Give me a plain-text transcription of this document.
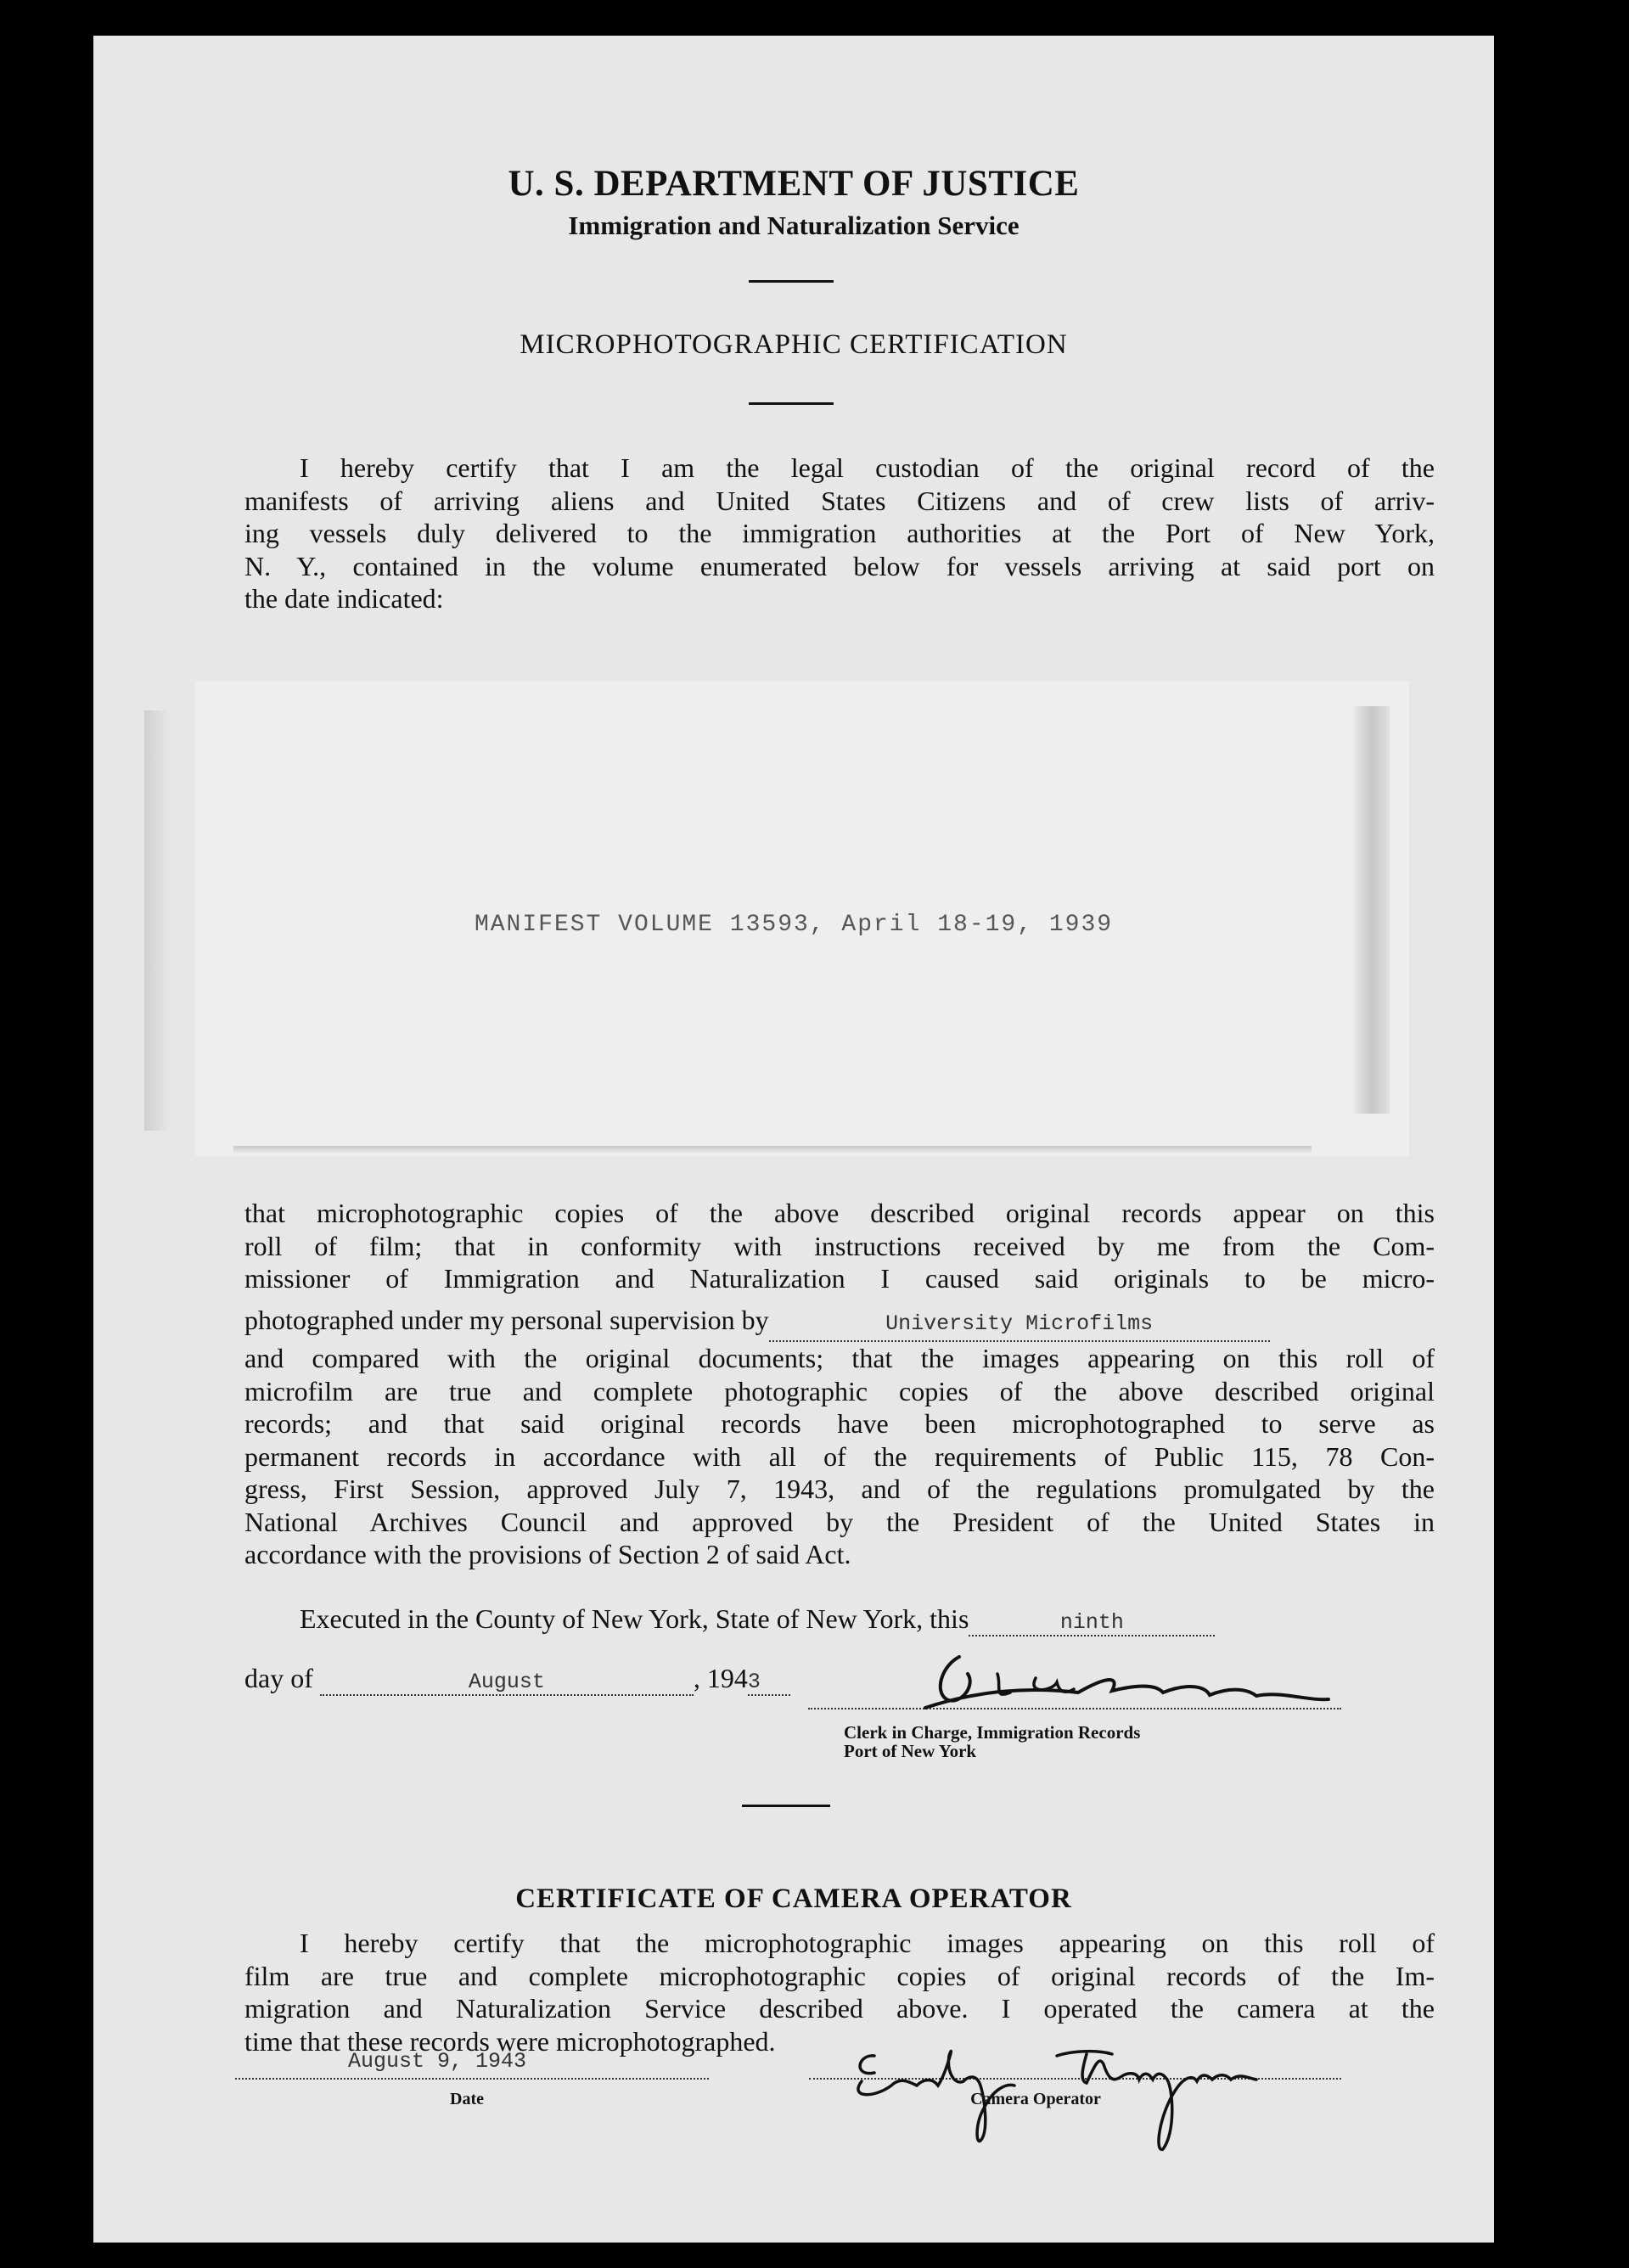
U. S. DEPARTMENT OF JUSTICE
Immigration and Naturalization Service
MICROPHOTOGRAPHIC CERTIFICATION

I hereby certify that I am the legal custodian of the original record of the

manifests of arriving aliens and United States Citizens and of crew lists of arriv-

ing vessels duly delivered to the immigration authorities at the Port of New York,

N. Y., contained in the volume enumerated below for vessels arriving at said port on

the date indicated:

MANIFEST VOLUME 13593, April 18-19, 1939

that microphotographic copies of the above described original records appear on this

roll of film; that in conformity with instructions received by me from the Com-

missioner of Immigration and Naturalization I caused said originals to be micro-

photographed under my personal supervision by	University Microfilms

and compared with the original documents; that the images appearing on this roll of

microfilm are true and complete photographic copies of the above described original

records; and that said original records have been microphotographed to serve as

permanent records in accordance with all of the requirements of Public 115, 78 Con-

gress, First Session, approved July 7, 1943, and of the regulations promulgated by the

National Archives Council and approved by the President of the United States in

accordance with the provisions of Section 2 of said Act.

Executed in the County of New York, State of New York, this	ninth
day of	August	, 1943
Clerk in Charge, Immigration Records
Port of New York
CERTIFICATE OF CAMERA OPERATOR

I hereby certify that the microphotographic images appearing on this roll of

film are true and complete microphotographic copies of original records of the Im-

migration and Naturalization Service described above. I operated the camera at the

time that these records were microphotographed.

August 9, 1943
Date	Camera Operator
